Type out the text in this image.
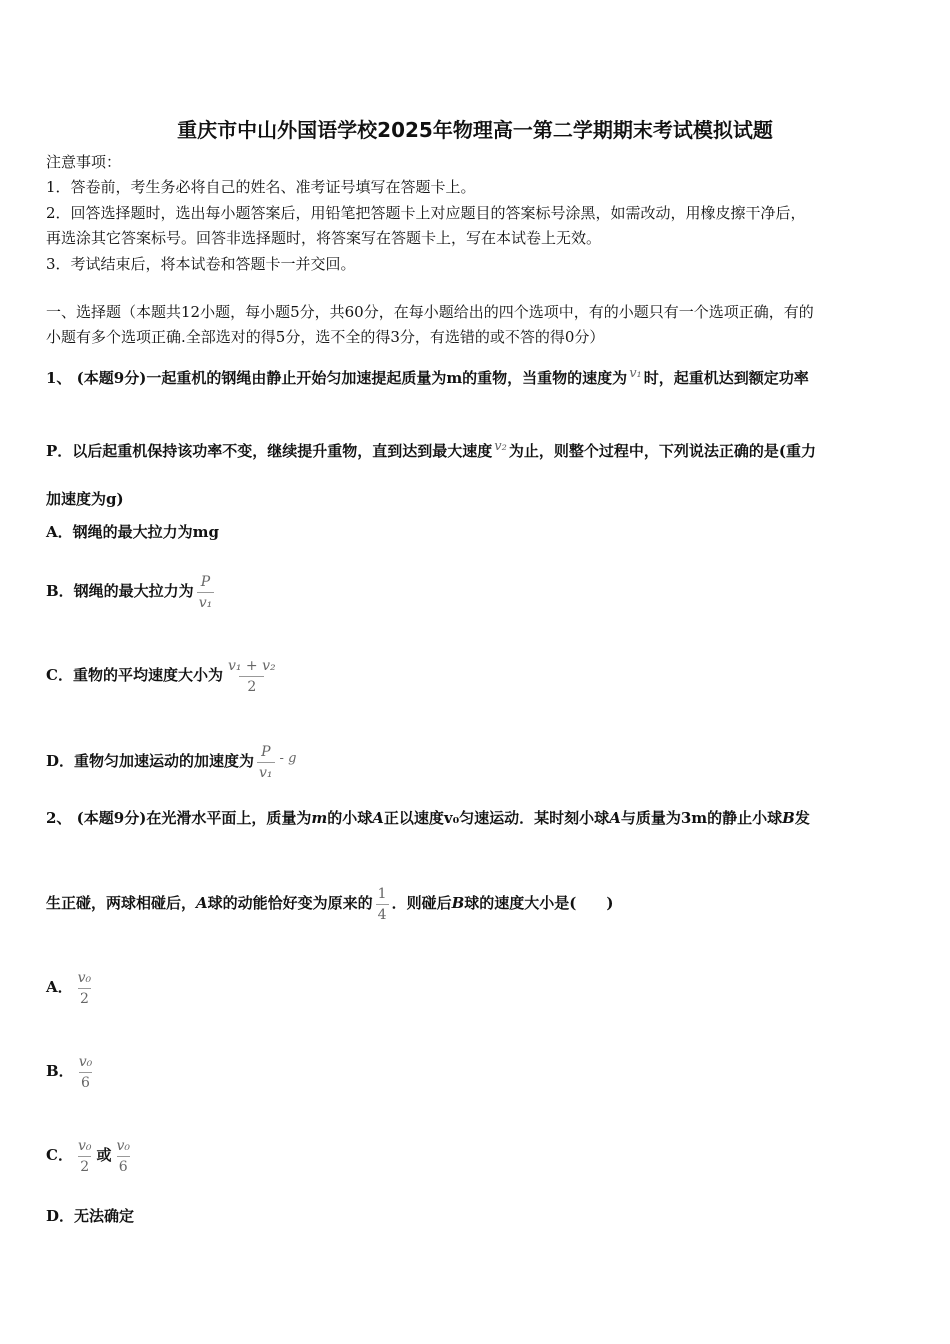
重庆市中山外国语学校2025年物理高一第二学期期末考试模拟试题
注意事项：
1．答卷前，考生务必将自己的姓名、准考证号填写在答题卡上。
2．回答选择题时，选出每小题答案后，用铅笔把答题卡上对应题目的答案标号涂黑，如需改动，用橡皮擦干净后，
再选涂其它答案标号。回答非选择题时，将答案写在答题卡上，写在本试卷上无效。
3．考试结束后，将本试卷和答题卡一并交回。
一、选择题（本题共12小题，每小题5分，共60分，在每小题给出的四个选项中，有的小题只有一个选项正确，有的
小题有多个选项正确.全部选对的得5分，选不全的得3分，有选错的或不答的得0分）
1、 (本题9分)一起重机的钢绳由静止开始匀加速提起质量为m的重物，当重物的速度为 v₁ 时，起重机达到额定功率
P．以后起重机保持该功率不变，继续提升重物，直到达到最大速度 v₂ 为止，则整个过程中，下列说法正确的是(重力
加速度为g)
A．钢绳的最大拉力为mg
B．钢绳的最大拉力为 $\frac{P}{\text{v₁}}$
C．重物的平均速度大小为 $\frac{\text{v₁ + v₂}}{2}$
D．重物匀加速运动的加速度为 $\frac{P}{\text{v₁}}$ - g
2、 (本题9分)在光滑水平面上，质量为m的小球A正以速度v₀匀速运动．某时刻小球A与质量为3m的静止小球B发
生正碰，两球相碰后，A球的动能恰好变为原来的 $\frac{1}{4}$ ．则碰后B球的速度大小是(　　)
A． $\frac{\text{v₀}}{2}$
B． $\frac{\text{v₀}}{6}$
C． $\frac{\text{v₀}}{2}$ 或 $\frac{\text{v₀}}{6}$
D．无法确定
